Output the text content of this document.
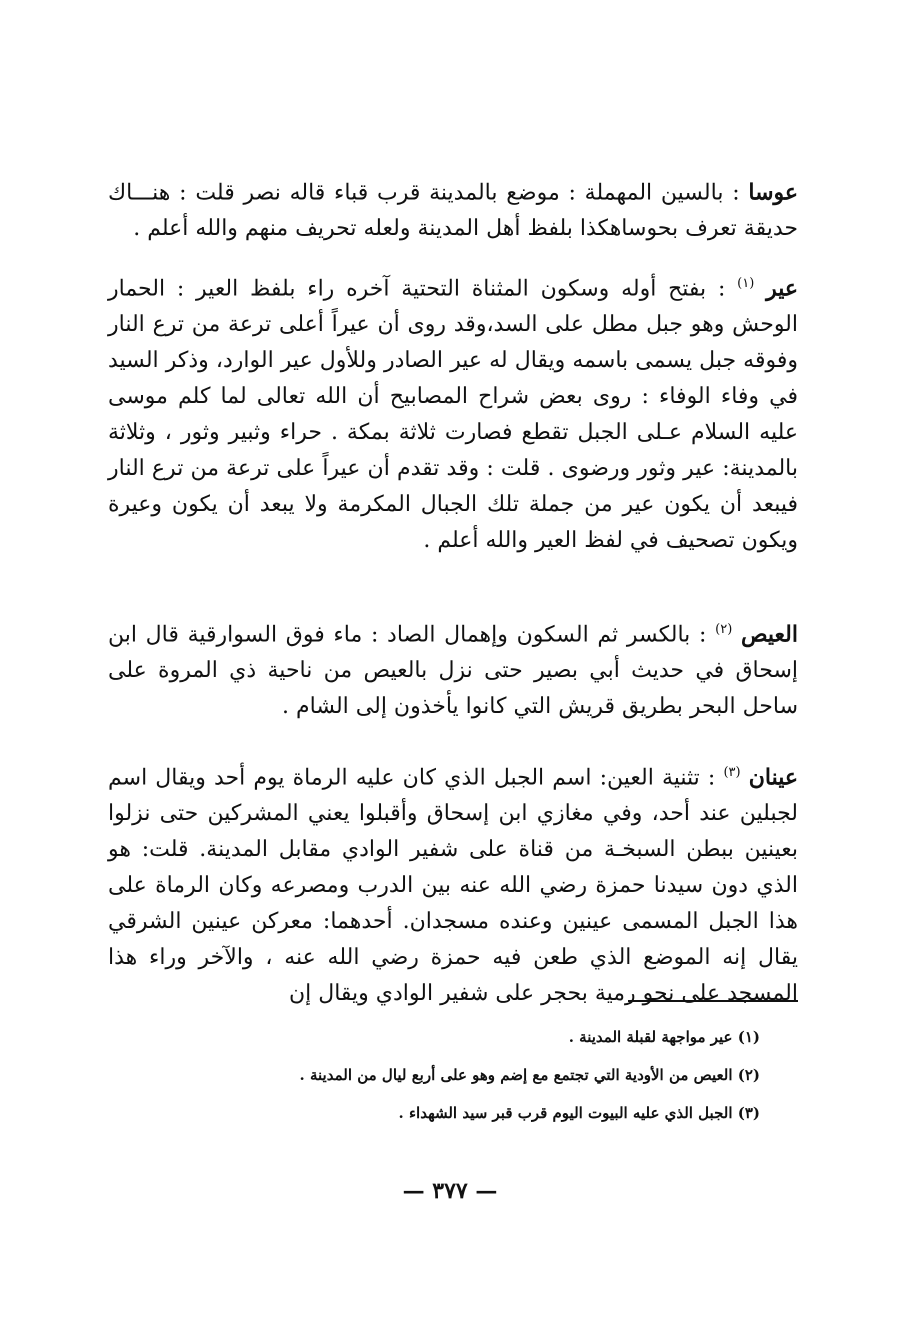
عوسا : بالسين المهملة : موضع بالمدينة قرب قباء قاله نصر قلت : هنـــاك حديقة تعرف بحوساهكذا بلفظ أهل المدينة ولعله تحريف منهم والله أعلم .

عير $^{(١)}$ : بفتح أوله وسكون المثناة التحتية آخره راء بلفظ العير : الحمار الوحش وهو جبل مطل على السد،وقد روى أن عيراً أعلى ترعة من ترع النار وفوقه جبل يسمى باسمه ويقال له عير الصادر وللأول عير الوارد، وذكر السيد في وفاء الوفاء : روى بعض شراح المصابيح أن الله تعالى لما كلم موسى عليه السلام عـلى الجبل تقطع فصارت ثلاثة بمكة . حراء وثبير وثور ، وثلاثة بالمدينة: عير وثور ورضوى . قلت : وقد تقدم أن عيراً على ترعة من ترع النار فيبعد أن يكون عير من جملة تلك الجبال المكرمة ولا يبعد أن يكون وعيرة ويكون تصحيف في لفظ العير والله أعلم .

العيص $^{(٢)}$ : بالكسر ثم السكون وإهمال الصاد : ماء فوق السوارقية قال ابن إسحاق في حديث أبي بصير حتى نزل بالعيص من ناحية ذي المروة على ساحل البحر بطريق قريش التي كانوا يأخذون إلى الشام .

عينان $^{(٣)}$ : تثنية العين: اسم الجبل الذي كان عليه الرماة يوم أحد ويقال اسم لجبلين عند أحد، وفي مغازي ابن إسحاق وأقبلوا يعني المشركين حتى نزلوا بعينين ببطن السبخـة من قناة على شفير الوادي مقابل المدينة. قلت: هو الذي دون سيدنا حمزة رضي الله عنه بين الدرب ومصرعه وكان الرماة على هذا الجبل المسمى عينين وعنده مسجدان. أحدهما: معركن عينين الشرقي يقال إنه الموضع الذي طعن فيه حمزة رضي الله عنه ، والآخر وراء هذا المسجد على نحو رمية بحجر على شفير الوادي ويقال إن

(١) عير مواجهة لقبلة المدينة .
(٢) العيص من الأودية التي تجتمع مع إضم وهو على أربع ليال من المدينة .
(٣) الجبل الذي عليه البيوت اليوم قرب قبر سيد الشهداء .
— ٣٧٧ —
